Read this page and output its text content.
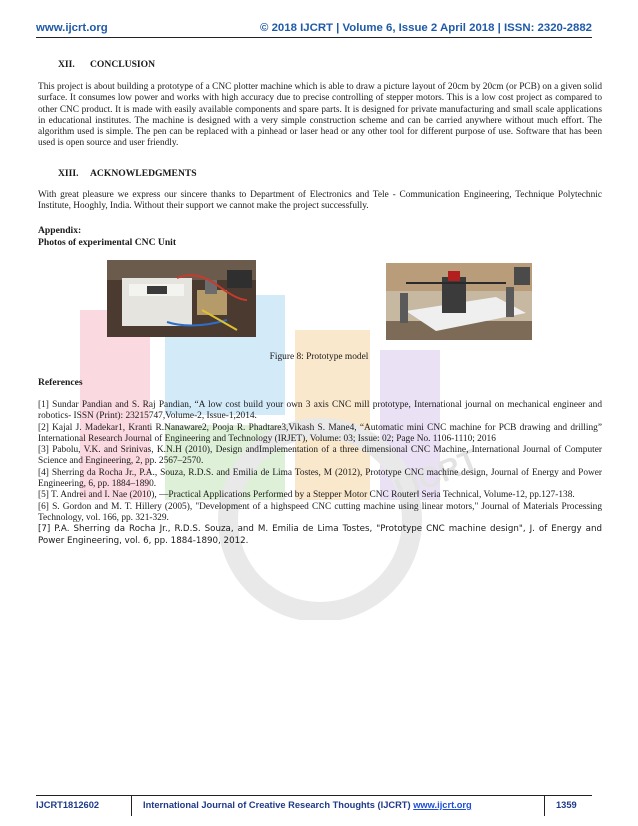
www.ijcrt.org	© 2018 IJCRT | Volume 6, Issue 2 April 2018 | ISSN: 2320-2882
IJCRT
XII. CONCLUSION
This project is about building a prototype of a CNC plotter machine which is able to draw a picture layout of 20cm by 20cm (or PCB) on a given solid surface. It consumes low power and works with high accuracy due to precise controlling of stepper motors. This is a low cost project as compared to other CNC product. It is made with easily available components and spare parts. It is designed for private manufacturing and small scale applications in educational institutes. The machine is designed with a very simple construction scheme and can be carried anywhere without much effort. The algorithm used is simple. The pen can be replaced with a pinhead or laser head or any other tool for different purpose of use. Software that has been used is open source and user friendly.
XIII. ACKNOWLEDGMENTS
With great pleasure we express our sincere thanks to Department of Electronics and Tele - Communication Engineering, Technique Polytechnic Institute, Hooghly, India. Without their support we cannot make the project successfully.
Appendix:
Photos of experimental CNC Unit
Figure 8: Prototype model
References

[1] Sundar Pandian and S. Raj Pandian, “A low cost build your own 3 axis CNC mill prototype, International journal on mechanical engineer and robotics- ISSN (Print): 23215747,Volume-2, Issue-1,2014.

[2] Kajal J. Madekar1, Kranti R.Nanaware2, Pooja R. Phadtare3,Vikash S. Mane4, “Automatic mini CNC machine for PCB drawing and drilling” International Research Journal of Engineering and Technology (IRJET), Volume: 03; Issue: 02; Page No. 1106-1110; 2016

[3] Pabolu, V.K. and Srinivas, K.N.H (2010), Design andImplementation of a three dimensional CNC Machine, International Journal of Computer Science and Engineering, 2, pp. 2567–2570.

[4] Sherring da Rocha Jr., P.A., Souza, R.D.S. and Emilia de Lima Tostes, M (2012), Prototype CNC machine design, Journal of Energy and Power Engineering, 6, pp. 1884–1890.

[5] T. Andrei and I. Nae (2010), ―Practical Applications Performed by a Stepper Motor CNC Routerǁ Seria Technical, Volume-12, pp.127-138.

[6] S. Gordon and M. T. Hillery (2005), "Development of a highspeed CNC cutting machine using linear motors," Journal of Materials Processing Technology, vol. 166, pp. 321-329.

[7] P.A. Sherring da Rocha Jr., R.D.S. Souza, and M. Emilia de Lima Tostes, "Prototype CNC machine design", J. of Energy and Power Engineering, vol. 6, pp. 1884-1890, 2012.

IJCRT1812602	International Journal of Creative Research Thoughts (IJCRT) www.ijcrt.org	1359
